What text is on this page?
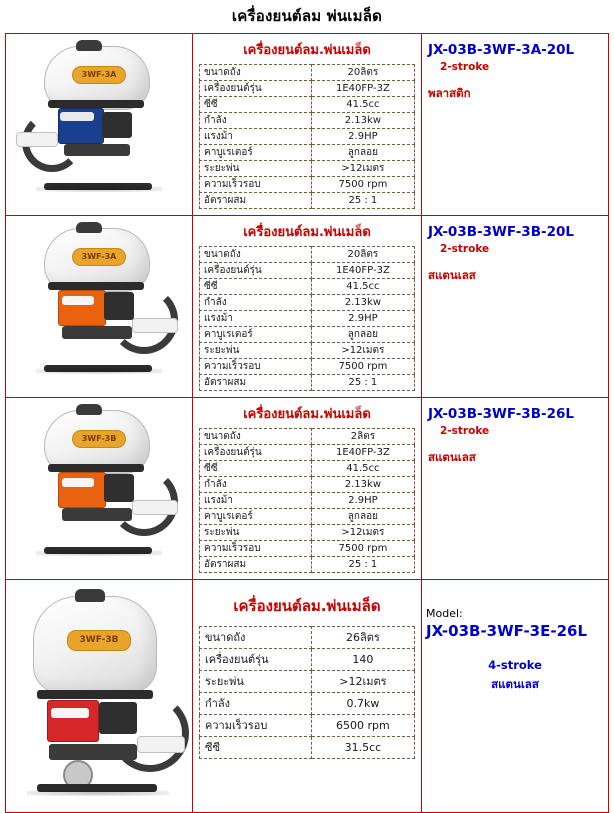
เครื่องยนต์ลม พ่นเมล็ด
3WF-3A

เครื่องยนต์ลม.พ่นเมล็ด
ขนาดถัง	20ลิตร
เครื่องยนต์รุ่น	1E40FP-3Z
ซีซี	41.5cc
กำลัง	2.13kw
แรงม้า	2.9HP
คาบูเรเตอร์	ลูกลอย
ระยะพ่น	>12เมตร
ความเร็วรอบ	7500 rpm
อัตราผสม	25 : 1

JX-03B-3WF-3A-20L
2-stroke
พลาสติก

3WF-3A

เครื่องยนต์ลม.พ่นเมล็ด
ขนาดถัง	20ลิตร
เครื่องยนต์รุ่น	1E40FP-3Z
ซีซี	41.5cc
กำลัง	2.13kw
แรงม้า	2.9HP
คาบูเรเตอร์	ลูกลอย
ระยะพ่น	>12เมตร
ความเร็วรอบ	7500 rpm
อัตราผสม	25 : 1

JX-03B-3WF-3B-20L
2-stroke
สแตนเลส

3WF-3B

เครื่องยนต์ลม.พ่นเมล็ด
ขนาดถัง	2ลิตร
เครื่องยนต์รุ่น	1E40FP-3Z
ซีซี	41.5cc
กำลัง	2.13kw
แรงม้า	2.9HP
คาบูเรเตอร์	ลูกลอย
ระยะพ่น	>12เมตร
ความเร็วรอบ	7500 rpm
อัตราผสม	25 : 1

JX-03B-3WF-3B-26L
2-stroke
สแตนเลส

3WF-3B

เครื่องยนต์ลม.พ่นเมล็ด
ขนาดถัง	26ลิตร
เครื่องยนต์รุ่น	140
ระยะพ่น	>12เมตร
กำลัง	0.7kw
ความเร็วรอบ	6500 rpm
ซีซี	31.5cc

Model: JX-03B-3WF-3E-26L
4-stroke
สแตนเลส
